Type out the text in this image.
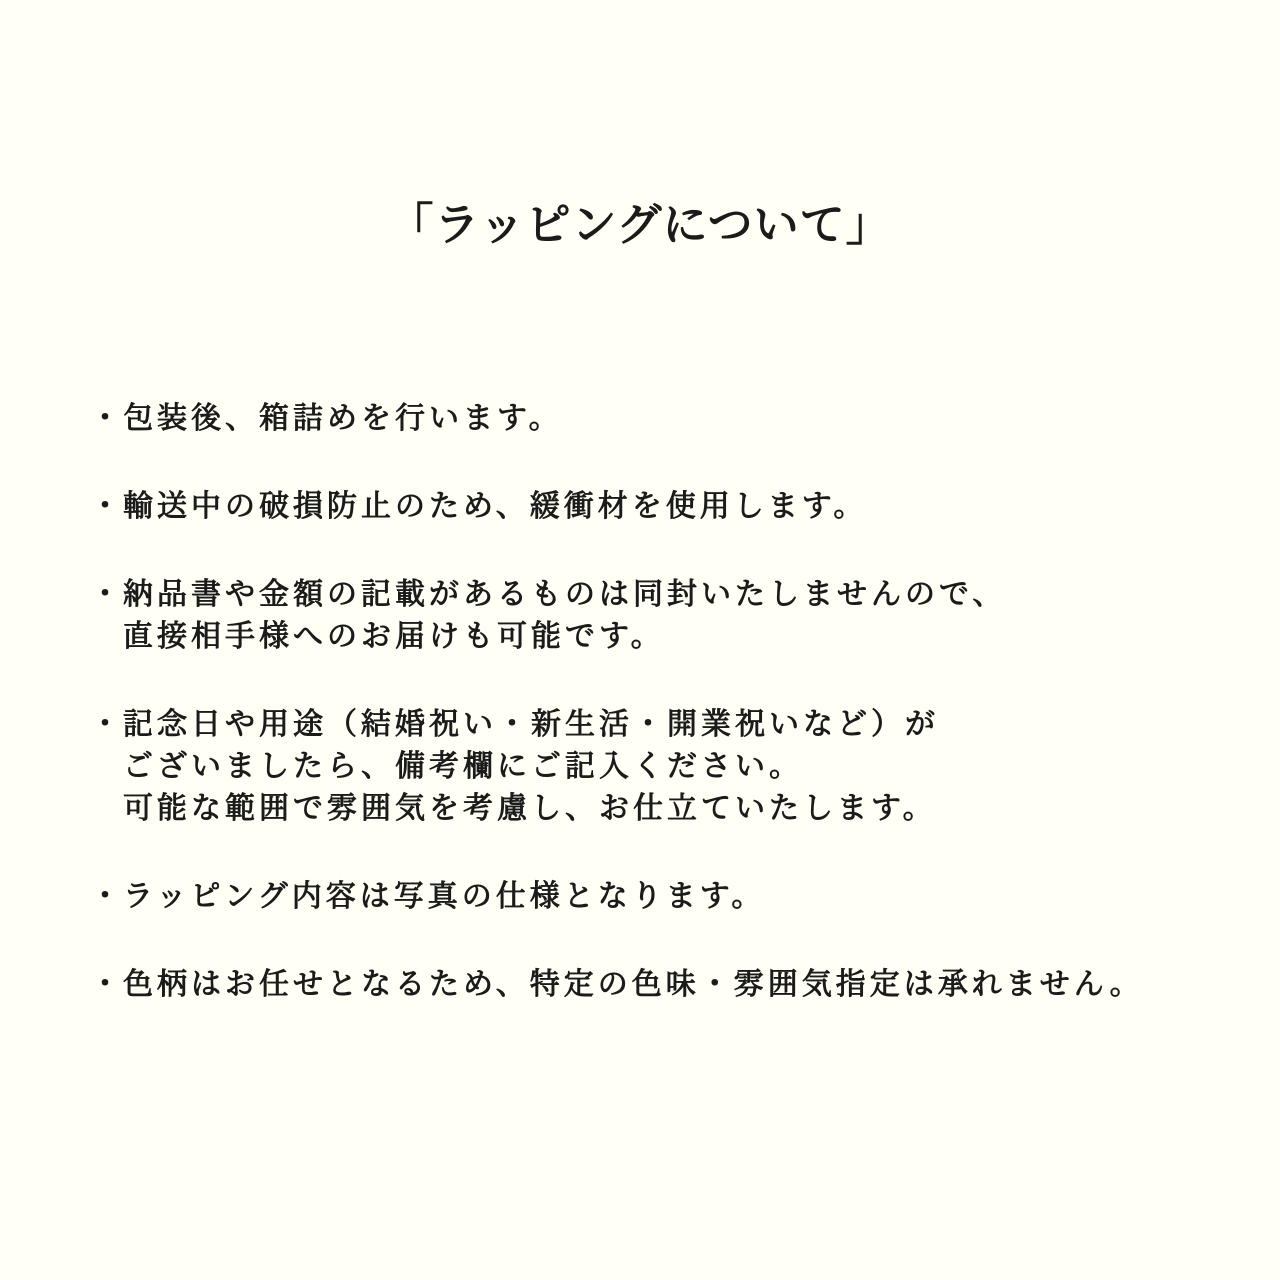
「ラッピングについて」
・ 包装後、箱詰めを行います。
・ 輸送中の破損防止のため、緩衝材を使用します。
・ 納品書や金額の記載があるものは同封いたしませんので、
直接相手様へのお届けも可能です。
・ 記念日や用途（結婚祝い・新生活・開業祝いなど）が
ございましたら、備考欄にご記入ください。
可能な範囲で雰囲気を考慮し、お仕立ていたします。
・ ラッピング内容は写真の仕様となります。
・ 色柄はお任せとなるため、特定の色味・雰囲気指定は承れません。
